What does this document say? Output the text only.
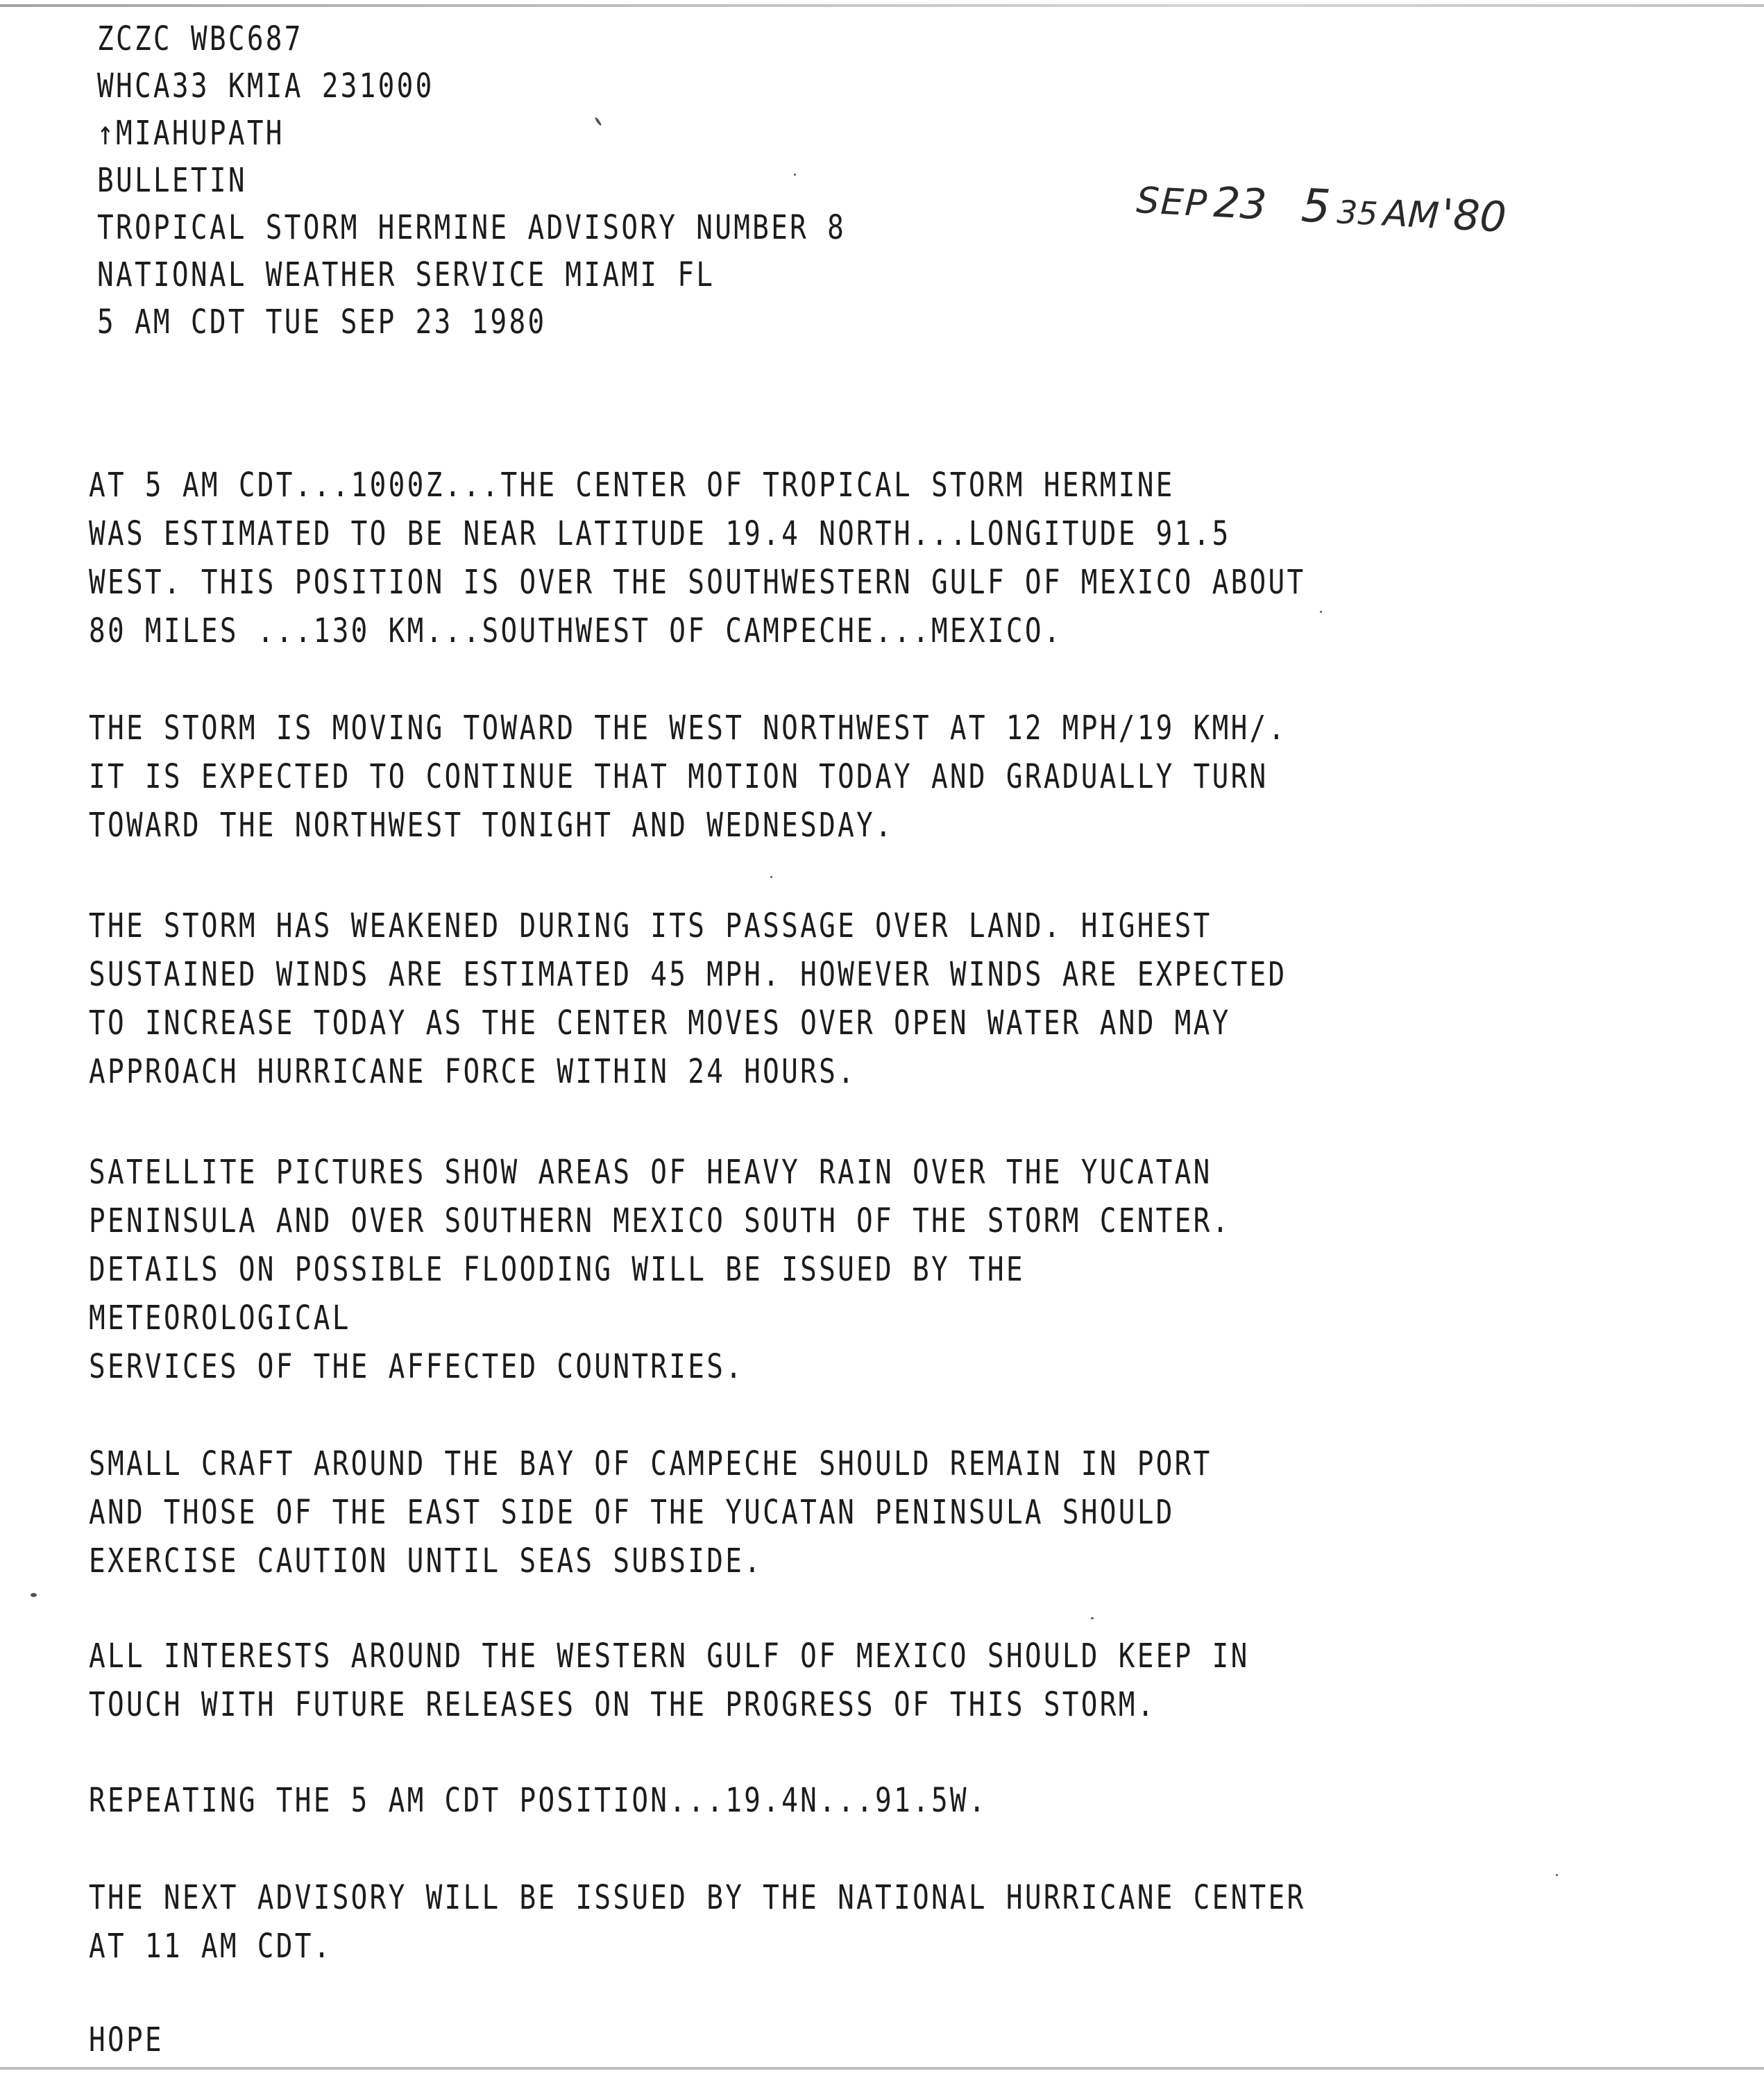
ZCZC WBC687
WHCA33 KMIA 231000
↑MIAHUPATH
BULLETIN
TROPICAL STORM HERMINE ADVISORY NUMBER 8
NATIONAL WEATHER SERVICE MIAMI FL
5 AM CDT TUE SEP 23 1980
SEP23 5 35AM'80
AT 5 AM CDT...1000Z...THE CENTER OF TROPICAL STORM HERMINE
WAS ESTIMATED TO BE NEAR LATITUDE 19.4 NORTH...LONGITUDE 91.5
WEST. THIS POSITION IS OVER THE SOUTHWESTERN GULF OF MEXICO ABOUT
80 MILES ...130 KM...SOUTHWEST OF CAMPECHE...MEXICO.
THE STORM IS MOVING TOWARD THE WEST NORTHWEST AT 12 MPH/19 KMH/.
IT IS EXPECTED TO CONTINUE THAT MOTION TODAY AND GRADUALLY TURN
TOWARD THE NORTHWEST TONIGHT AND WEDNESDAY.
THE STORM HAS WEAKENED DURING ITS PASSAGE OVER LAND. HIGHEST
SUSTAINED WINDS ARE ESTIMATED 45 MPH. HOWEVER WINDS ARE EXPECTED
TO INCREASE TODAY AS THE CENTER MOVES OVER OPEN WATER AND MAY
APPROACH HURRICANE FORCE WITHIN 24 HOURS.
SATELLITE PICTURES SHOW AREAS OF HEAVY RAIN OVER THE YUCATAN
PENINSULA AND OVER SOUTHERN MEXICO SOUTH OF THE STORM CENTER.
DETAILS ON POSSIBLE FLOODING WILL BE ISSUED BY THE
METEOROLOGICAL
SERVICES OF THE AFFECTED COUNTRIES.
SMALL CRAFT AROUND THE BAY OF CAMPECHE SHOULD REMAIN IN PORT
AND THOSE OF THE EAST SIDE OF THE YUCATAN PENINSULA SHOULD
EXERCISE CAUTION UNTIL SEAS SUBSIDE.
ALL INTERESTS AROUND THE WESTERN GULF OF MEXICO SHOULD KEEP IN
TOUCH WITH FUTURE RELEASES ON THE PROGRESS OF THIS STORM.
REPEATING THE 5 AM CDT POSITION...19.4N...91.5W.
THE NEXT ADVISORY WILL BE ISSUED BY THE NATIONAL HURRICANE CENTER
AT 11 AM CDT.
HOPE
